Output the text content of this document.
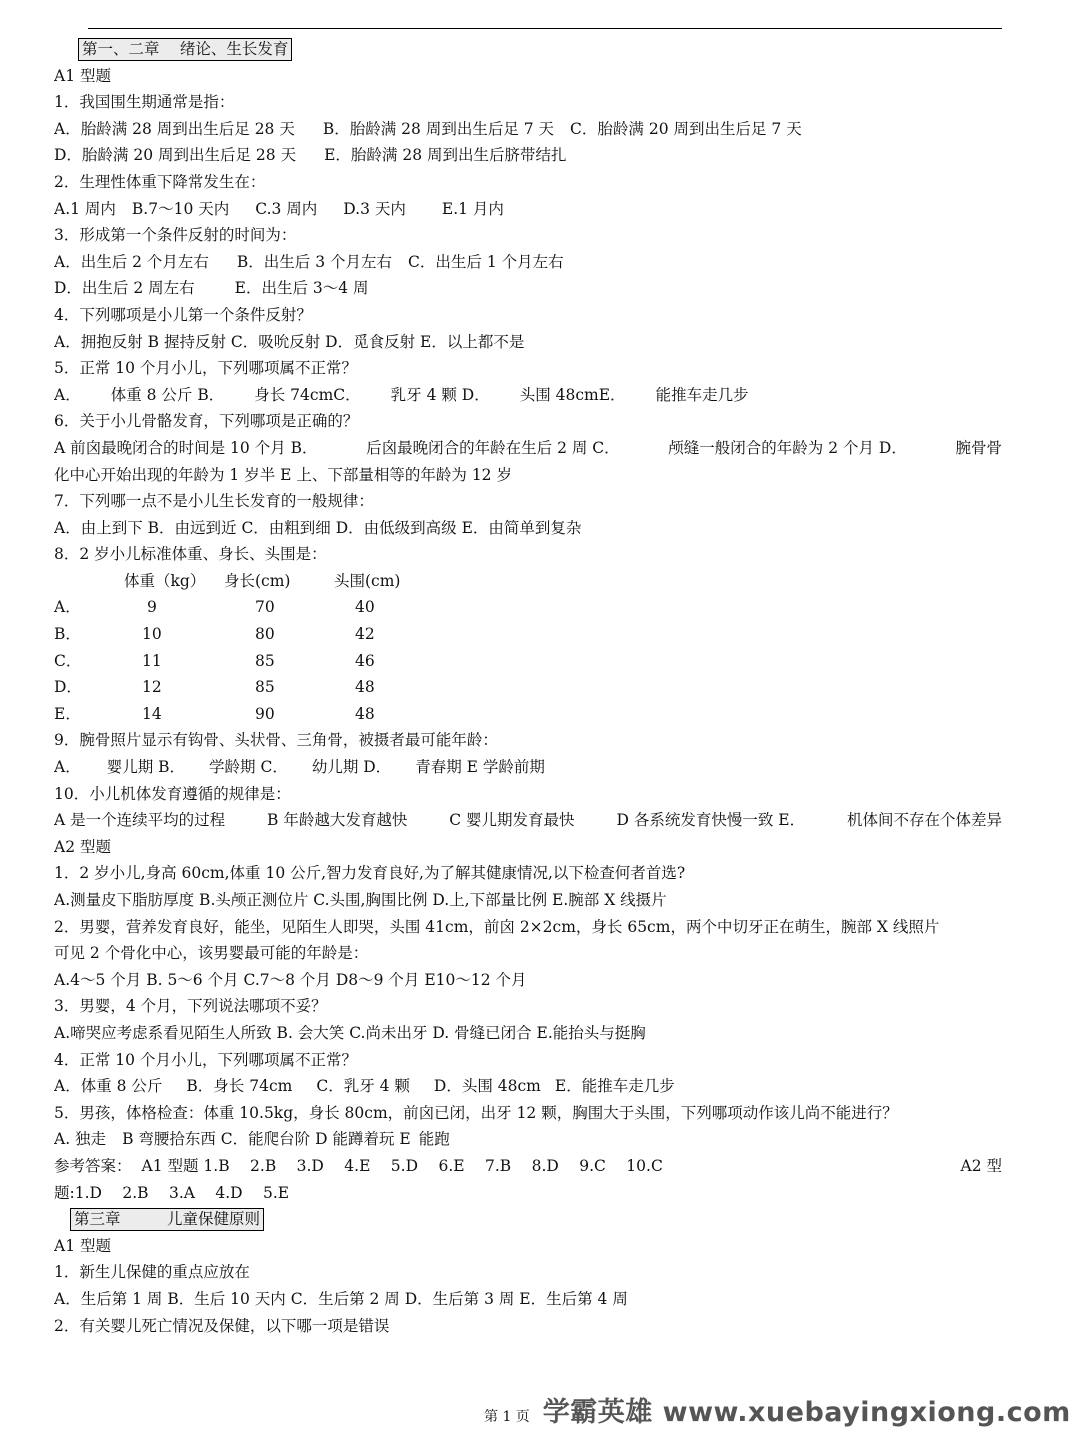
第一、二章　 绪论、生长发育
A1 型题
1．我国围生期通常是指：
A．胎龄满 28 周到出生后足 28 天 B．胎龄满 28 周到出生后足 7 天 C．胎龄满 20 周到出生后足 7 天
D．胎龄满 20 周到出生后足 28 天 E．胎龄满 28 周到出生后脐带结扎
2．生理性体重下降常发生在：
A.1 周内 B.7～10 天内 C.3 周内 D.3 天内 E.1 月内
3．形成第一个条件反射的时间为：
A．出生后 2 个月左右 B．出生后 3 个月左右 C．出生后 1 个月左右
D．出生后 2 周左右	E．出生后 3～4 周
4．下列哪项是小儿第一个条件反射？
A．拥抱反射 B 握持反射 C．吸吮反射 D．觅食反射 E．以上都不是
5．正常 10 个月小儿，下列哪项属不正常？
A． 体重 8 公斤 B． 身长 74cmC． 乳牙 4 颗 D． 头围 48cmE． 能推车走几步
6．关于小儿骨骼发育，下列哪项是正确的？
A 前囟最晚闭合的时间是 10 个月 B．	后囟最晚闭合的年龄在生后 2 周 C．	颅缝一般闭合的年龄为 2 个月 D．	腕骨骨
化中心开始出现的年龄为 1 岁半 E 上、下部量相等的年龄为 12 岁
7．下列哪一点不是小儿生长发育的一般规律：
A．由上到下 B．由远到近 C．由粗到细 D．由低级到高级 E．由简单到复杂
8．2 岁小儿标准体重、身长、头围是：
体重（kg） 身长(cm)	头围(cm)
A．	9	70	40
B．	10	80	42
C．	11	85	46
D．	12	85	48
E．	14	90	48
9．腕骨照片显示有钩骨、头状骨、三角骨，被摄者最可能年龄：
A． 婴儿期 B． 学龄期 C． 幼儿期 D． 青春期 E 学龄前期
10．小儿机体发育遵循的规律是：
A 是一个连续平均的过程	B 年龄越大发育越快	C 婴儿期发育最快	D 各系统发育快慢一致 E．	机体间不存在个体差异
A2 型题
1．2 岁小儿,身高 60cm,体重 10 公斤,智力发育良好,为了解其健康情况,以下检查何者首选?
A.测量皮下脂肪厚度 B.头颅正测位片 C.头围,胸围比例 D.上,下部量比例 E.腕部 X 线摄片
2．男婴，营养发育良好，能坐，见陌生人即哭，头围 41cm，前囟 2×2cm，身长 65cm，两个中切牙正在萌生，腕部 X 线照片
可见 2 个骨化中心，该男婴最可能的年龄是：
A.4～5 个月 B. 5～6 个月 C.7～8 个月 D8～9 个月 E10～12 个月
3．男婴，4 个月，下列说法哪项不妥？
A.啼哭应考虑系看见陌生人所致 B. 会大笑 C.尚未出牙 D. 骨缝已闭合 E.能抬头与挺胸
4．正常 10 个月小儿，下列哪项属不正常？
A．体重 8 公斤 B．身长 74cm C．乳牙 4 颗 D．头围 48cm E．能推车走几步
5．男孩，体格检查：体重 10.5kg，身长 80cm，前囟已闭，出牙 12 颗，胸围大于头围，下列哪项动作该儿尚不能进行？
A. 独走 B 弯腰拾东西 C．能爬台阶 D 能蹲着玩 E 能跑
参考答案： A1 型题 1.B　 2.B　 3.D　 4.E　 5.D　 6.E　 7.B　 8.D　 9.C　 10.C	A2 型
题:1.D　 2.B　 3.A　 4.D　 5.E
第三章　　　儿童保健原则
A1 型题
1．新生儿保健的重点应放在
A．生后第 1 周 B．生后 10 天内 C．生后第 2 周 D．生后第 3 周 E．生后第 4 周
2．有关婴儿死亡情况及保健，以下哪一项是错误
第 1 页 学霸英雄 www.xuebayingxiong.com
